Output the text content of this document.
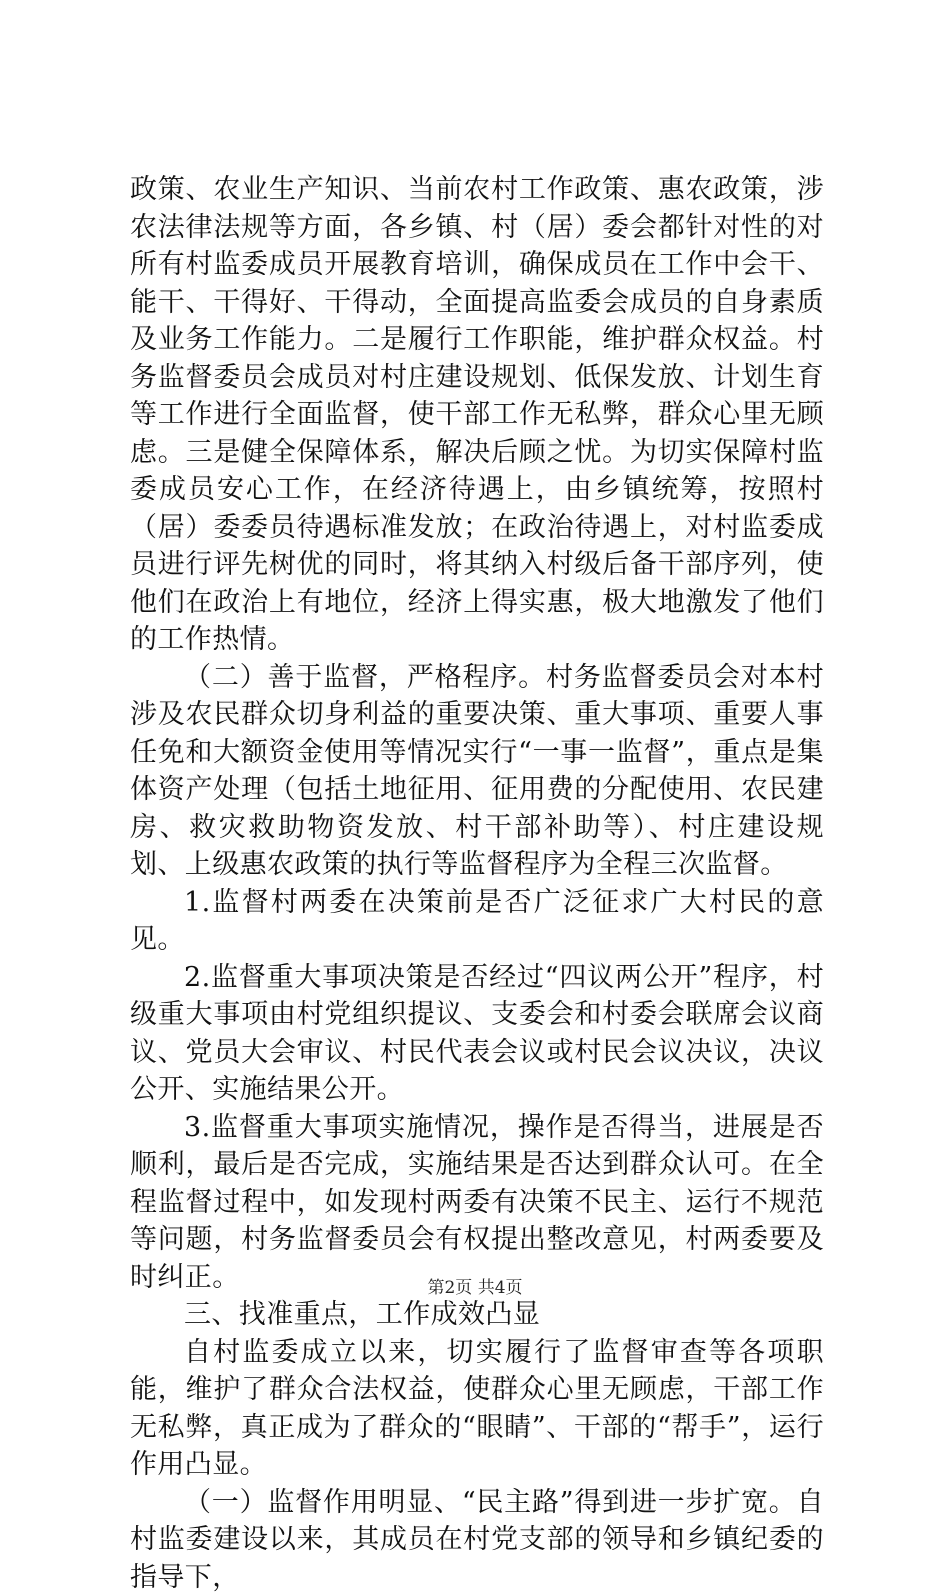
政策、农业生产知识、当前农村工作政策、惠农政策，涉农法律法规等方面，各乡镇、村（居）委会都针对性的对所有村监委成员开展教育培训，确保成员在工作中会干、能干、干得好、干得动，全面提高监委会成员的自身素质及业务工作能力。二是履行工作职能，维护群众权益。村务监督委员会成员对村庄建设规划、低保发放、计划生育等工作进行全面监督，使干部工作无私弊，群众心里无顾虑。三是健全保障体系，解决后顾之忧。为切实保障村监委成员安心工作，在经济待遇上，由乡镇统筹，按照村（居）委委员待遇标准发放；在政治待遇上，对村监委成员进行评先树优的同时，将其纳入村级后备干部序列，使他们在政治上有地位，经济上得实惠，极大地激发了他们的工作热情。

（二）善于监督，严格程序。村务监督委员会对本村涉及农民群众切身利益的重要决策、重大事项、重要人事任免和大额资金使用等情况实行“一事一监督”，重点是集体资产处理（包括土地征用、征用费的分配使用、农民建房、救灾救助物资发放、村干部补助等）、村庄建设规划、上级惠农政策的执行等监督程序为全程三次监督。

1.监督村两委在决策前是否广泛征求广大村民的意见。

2.监督重大事项决策是否经过“四议两公开”程序，村级重大事项由村党组织提议、支委会和村委会联席会议商议、党员大会审议、村民代表会议或村民会议决议，决议公开、实施结果公开。

3.监督重大事项实施情况，操作是否得当，进展是否顺利，最后是否完成，实施结果是否达到群众认可。在全程监督过程中，如发现村两委有决策不民主、运行不规范等问题，村务监督委员会有权提出整改意见，村两委要及时纠正。

三、找准重点，工作成效凸显

自村监委成立以来，切实履行了监督审查等各项职能，维护了群众合法权益，使群众心里无顾虑，干部工作无私弊，真正成为了群众的“眼睛”、干部的“帮手”，运行作用凸显。

（一）监督作用明显、“民主路”得到进一步扩宽。自村监委建设以来，其成员在村党支部的领导和乡镇纪委的指导下，

第2页 共4页
